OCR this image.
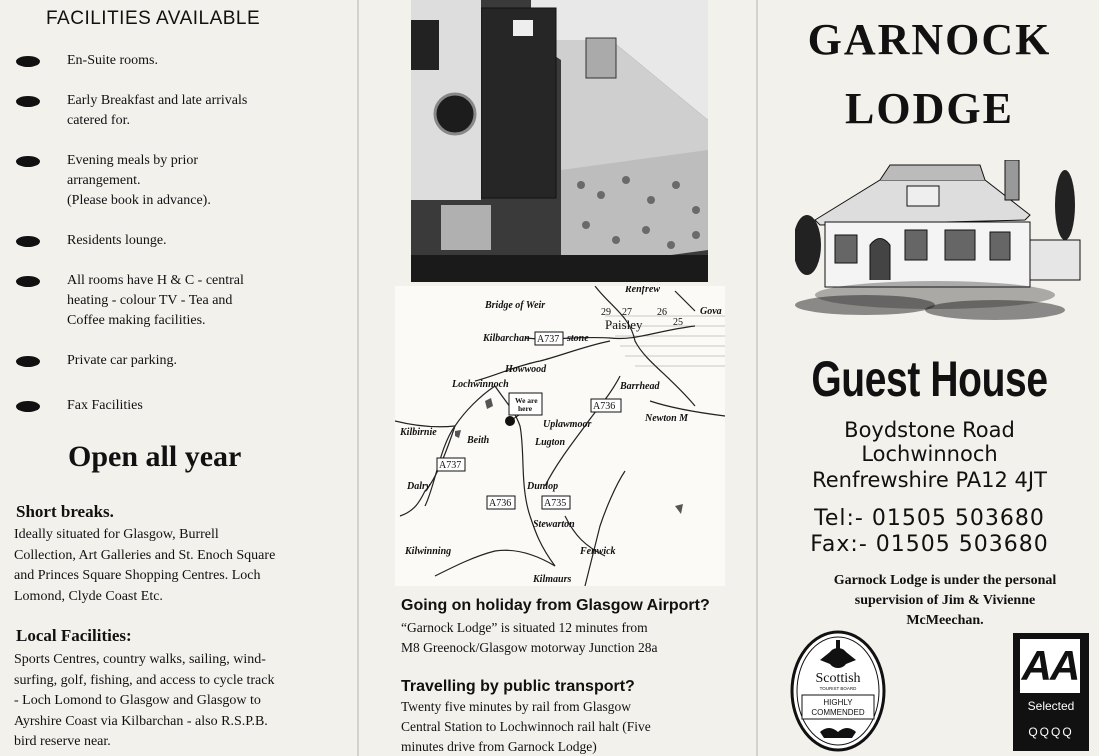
FACILITIES AVAILABLE
En-Suite rooms.
Early Breakfast and late arrivals
catered for.
Evening meals by prior
arrangement.
(Please book in advance).
Residents lounge.
All rooms have H & C - central
heating - colour TV - Tea and
Coffee making facilities.
Private car parking.
Fax Facilities
Open all year
Short breaks.

Ideally situated for Glasgow, Burrell
Collection, Art Galleries and St. Enoch Square
and Princes Square Shopping Centres. Loch
Lomond, Clyde Coast Etc.

Local Facilities:

Sports Centres, country walks, sailing, wind-
surfing, golf, fishing, and access to cycle track
- Loch Lomond to Glasgow and Glasgow to
Ayrshire Coast via Kilbarchan - also R.S.P.B.
bird reserve near.

Bridge of Weir
Renfrew
Paisley
Gova
Kilbarchan	stone
Howwood
Lochwinnoch	Barrhead
Uplawmoor
Newton M
Kilbirnie
Beith	Lugton
Dalry	Dunlop
Stewarton
Kilwinning	Fenwick
Kilmaurs
A737
A736
A735
A737
A736
29 27	26
25
We are
here
Going on holiday from Glasgow Airport?

“Garnock Lodge” is situated 12 minutes from
M8 Greenock/Glasgow motorway Junction 28a

Travelling by public transport?

Twenty five minutes by rail from Glasgow
Central Station to Lochwinnoch rail halt (Five
minutes drive from Garnock Lodge)

GARNOCK
LODGE
Guest House

Boydstone Road

Lochwinnoch

Renfrewshire PA12 4JT

Tel:- 01505 503680

Fax:- 01505 503680

Garnock Lodge is under the personal
supervision of Jim & Vivienne
McMeechan.

Scottish
TOURIST BOARD
HIGHLY
COMMENDED
AA
Selected
QQQQ
